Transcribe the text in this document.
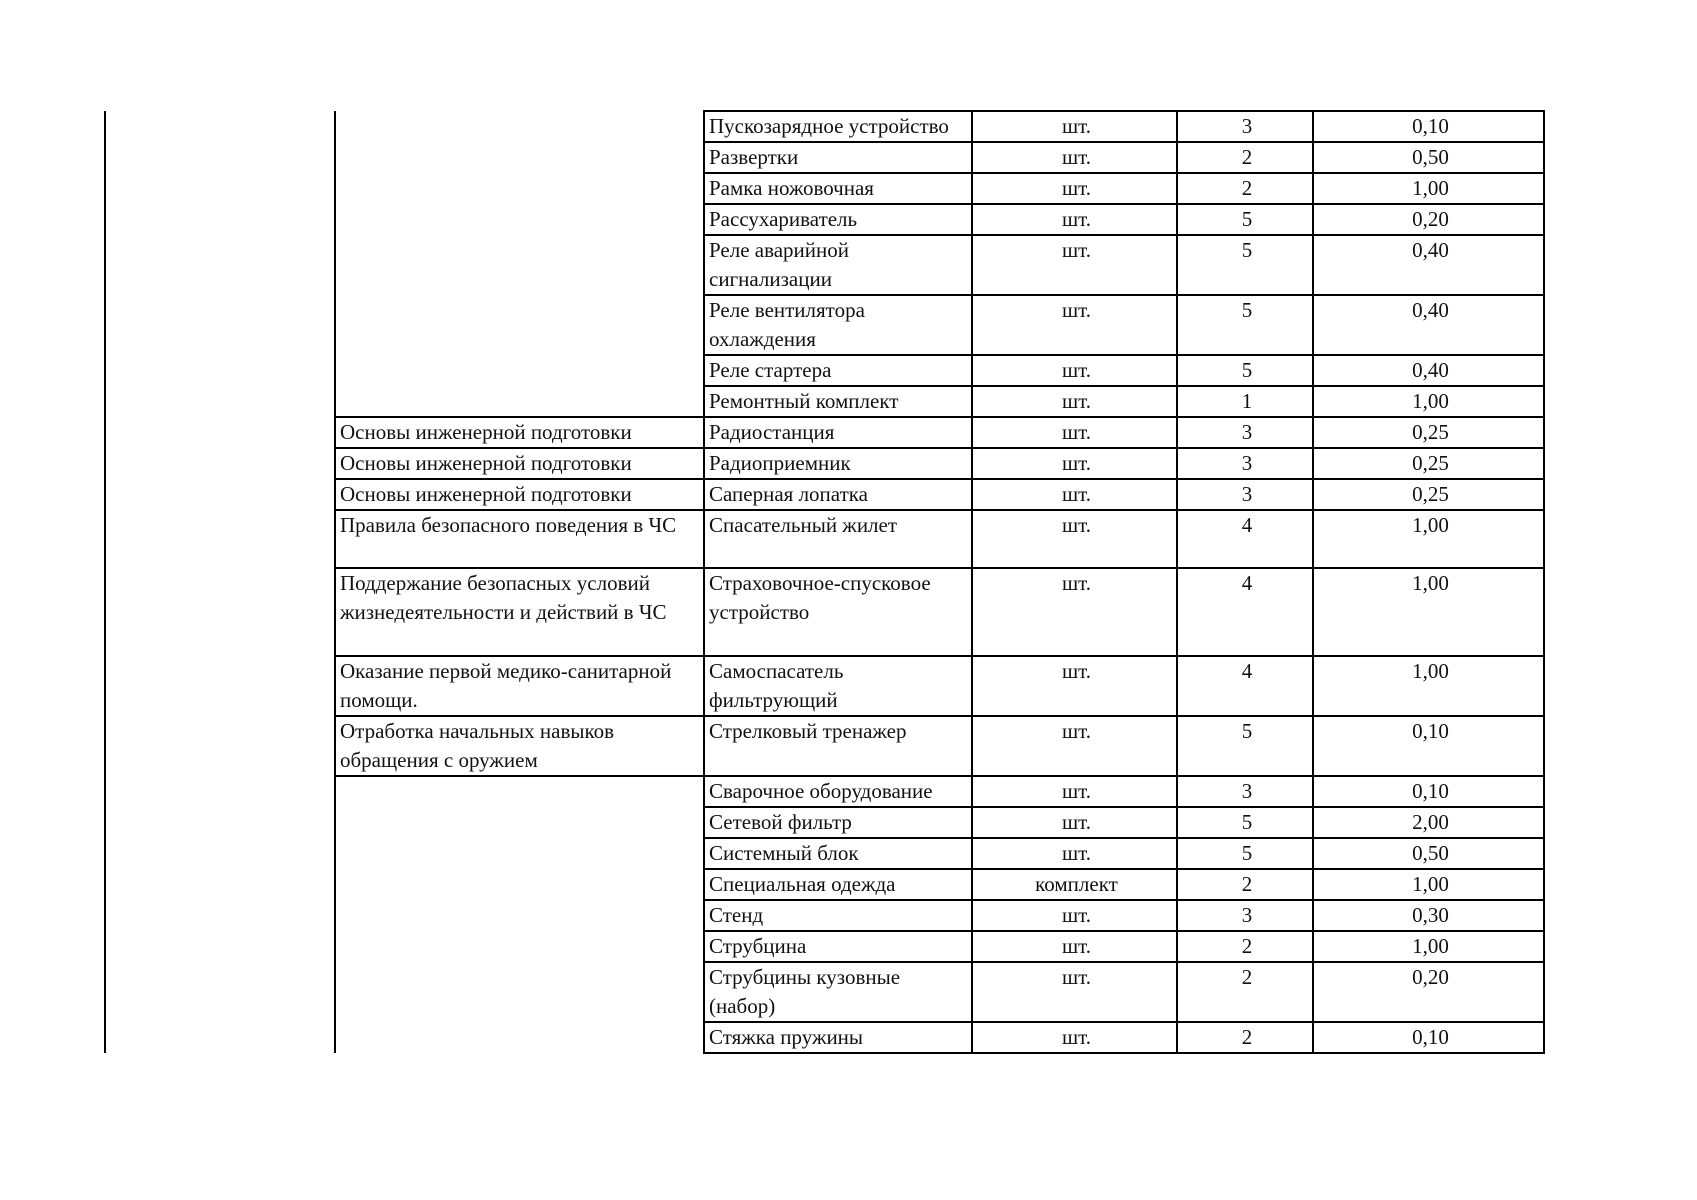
		Пускозарядное устройство	шт.	3	0,10
		Развертки	шт.	2	0,50
		Рамка ножовочная	шт.	2	1,00
		Рассухариватель	шт.	5	0,20
		Реле аварийной сигнализации	шт.	5	0,40
		Реле вентилятора охлаждения	шт.	5	0,40
		Реле стартера	шт.	5	0,40
		Ремонтный комплект	шт.	1	1,00
	Основы инженерной подготовки	Радиостанция	шт.	3	0,25
	Основы инженерной подготовки	Радиоприемник	шт.	3	0,25
	Основы инженерной подготовки	Саперная лопатка	шт.	3	0,25
	Правила безопасного поведения в ЧС	Спасательный жилет	шт.	4	1,00
	Поддержание безопасных условий жизнедеятельности и действий в ЧС	Страховочное-спусковое устройство	шт.	4	1,00
	Оказание первой медико-санитарной помощи.	Самоспасатель фильтрующий	шт.	4	1,00
	Отработка начальных навыков обращения с оружием	Стрелковый тренажер	шт.	5	0,10
		Сварочное оборудование	шт.	3	0,10
		Сетевой фильтр	шт.	5	2,00
		Системный блок	шт.	5	0,50
		Специальная одежда	комплект	2	1,00
		Стенд	шт.	3	0,30
		Струбцина	шт.	2	1,00
		Струбцины кузовные (набор)	шт.	2	0,20
		Стяжка пружины	шт.	2	0,10
